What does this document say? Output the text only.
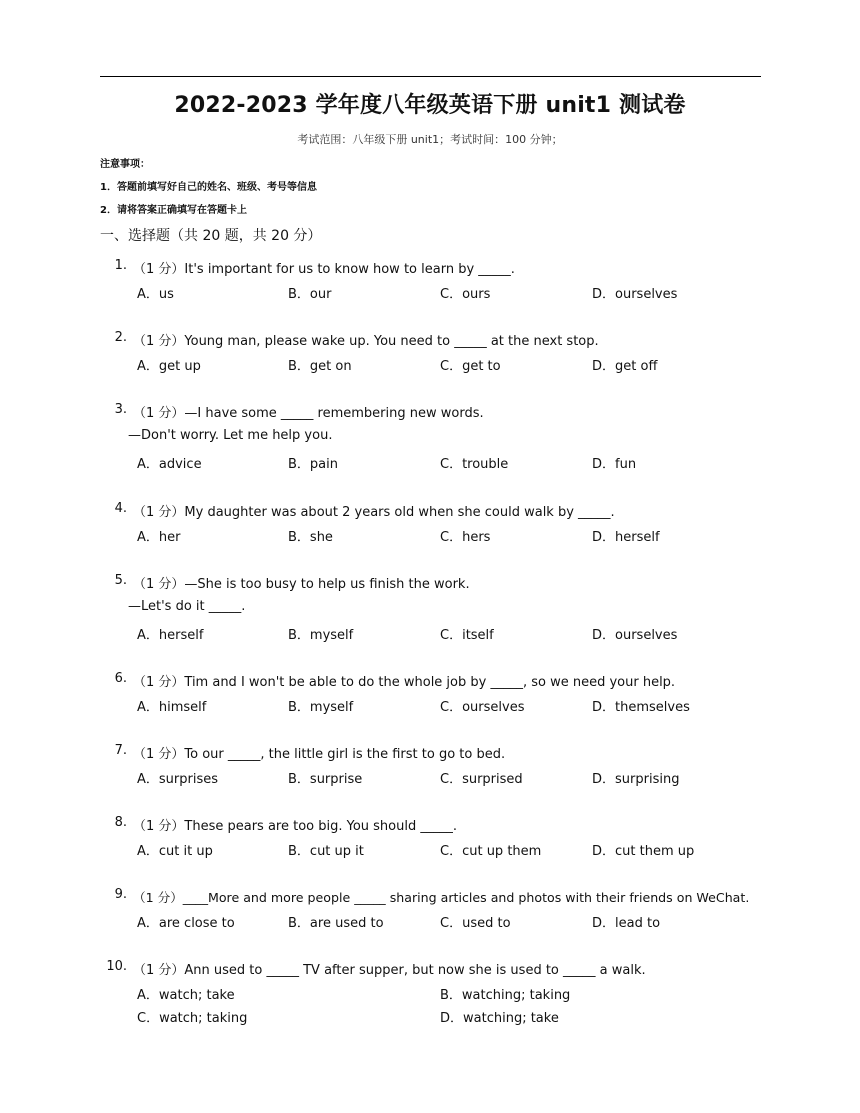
2022-2023 学年度八年级英语下册 unit1 测试卷
考试范围：八年级下册 unit1；考试时间：100 分钟；
注意事项：
1．答题前填写好自己的姓名、班级、考号等信息
2．请将答案正确填写在答题卡上
一、选择题（共 20 题，共 20 分）
1. （1 分）It's important for us to know how to learn by _____.
A．us	B．our	C．ours	D．ourselves
2. （1 分）Young man, please wake up. You need to _____ at the next stop.
A．get up	B．get on	C．get to	D．get off
3. （1 分）—I have some _____ remembering new words.
—Don't worry. Let me help you.
A．advice	B．pain	C．trouble	D．fun
4. （1 分）My daughter was about 2 years old when she could walk by _____.
A．her	B．she	C．hers	D．herself
5. （1 分）—She is too busy to help us finish the work.
—Let's do it _____.
A．herself	B．myself	C．itself	D．ourselves
6. （1 分）Tim and I won't be able to do the whole job by _____, so we need your help.
A．himself	B．myself	C．ourselves	D．themselves
7. （1 分）To our _____, the little girl is the first to go to bed.
A．surprises	B．surprise	C．surprised	D．surprising
8. （1 分）These pears are too big. You should _____.
A．cut it up	B．cut up it	C．cut up them	D．cut them up
9. （1 分）____More and more people _____ sharing articles and photos with their friends on WeChat.
A．are close to	B．are used to	C．used to	D．lead to
10. （1 分）Ann used to _____ TV after supper, but now she is used to _____ a walk.
A．watch; take	B．watching; taking
C．watch; taking	D．watching; take
